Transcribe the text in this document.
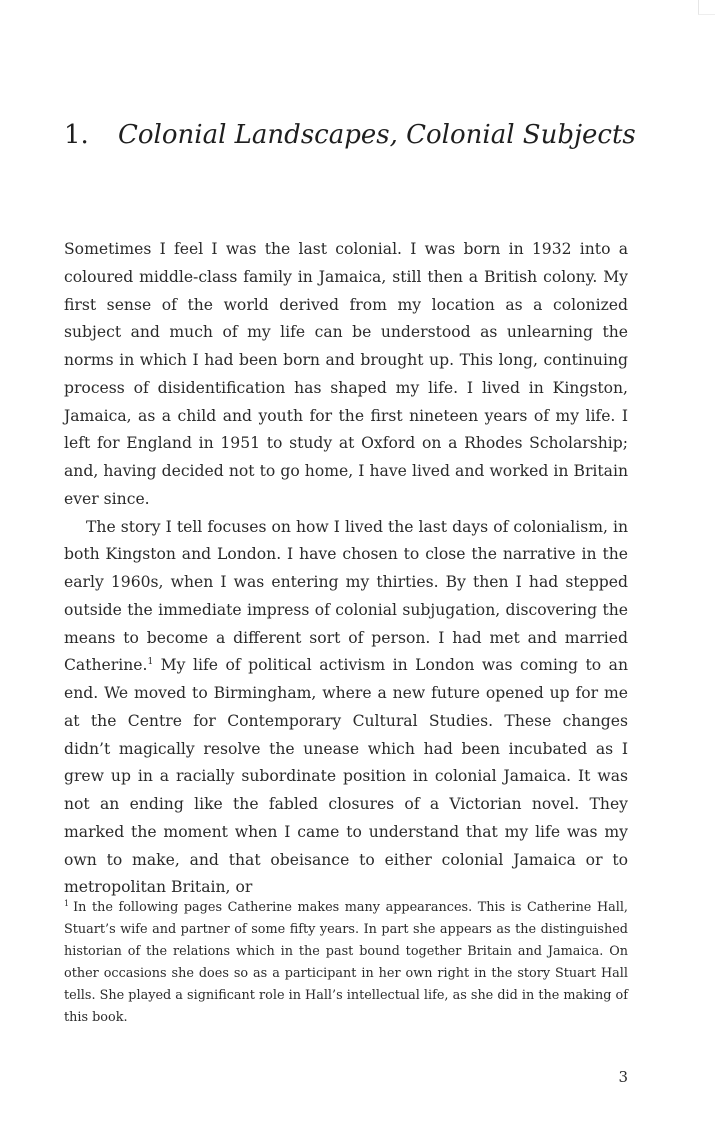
1. Colonial Landscapes, Colonial Subjects

Sometimes I feel I was the last colonial. I was born in 1932 into a coloured middle-class family in Jamaica, still then a British colony. My first sense of the world derived from my location as a colonized subject and much of my life can be understood as unlearning the norms in which I had been born and brought up. This long, continuing process of disidentification has shaped my life. I lived in Kingston, Jamaica, as a child and youth for the first nineteen years of my life. I left for England in 1951 to study at Oxford on a Rhodes Scholarship; and, having decided not to go home, I have lived and worked in Britain ever since.

The story I tell focuses on how I lived the last days of colonialism, in both Kingston and London. I have chosen to close the narrative in the early 1960s, when I was entering my thirties. By then I had stepped outside the immediate impress of colonial subjugation, discovering the means to become a different sort of person. I had met and married Catherine.$^1$ My life of political activism in London was coming to an end. We moved to Birmingham, where a new future opened up for me at the Centre for Contemporary Cultural Studies. These changes didn’t magically resolve the unease which had been incubated as I grew up in a racially subordinate position in colonial Jamaica. It was not an ending like the fabled closures of a Victorian novel. They marked the moment when I came to understand that my life was my own to make, and that obeisance to either colonial Jamaica or to metropolitan Britain, or

$^1$ In the following pages Catherine makes many appearances. This is Catherine Hall, Stuart’s wife and partner of some fifty years. In part she appears as the distinguished historian of the relations which in the past bound together Britain and Jamaica. On other occasions she does so as a participant in her own right in the story Stuart Hall tells. She played a significant role in Hall’s intellectual life, as she did in the making of this book.

3
